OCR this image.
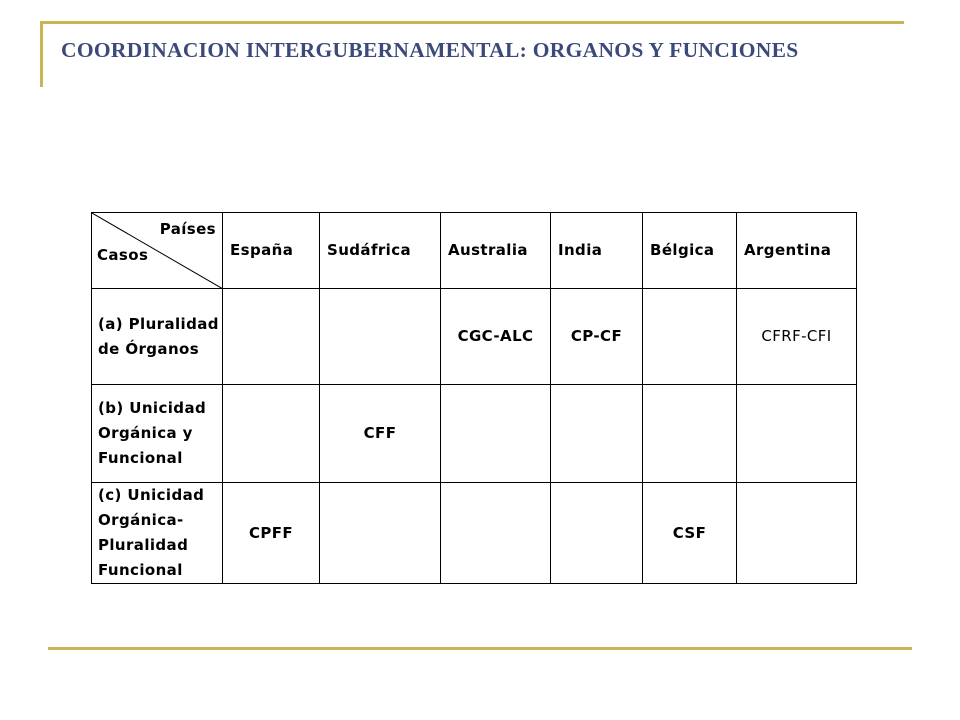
COORDINACION INTERGUBERNAMENTAL: ORGANOS Y FUNCIONES
Países
Casos	España	Sudáfrica	Australia	India	Bélgica	Argentina
(a) Pluralidad
de Órganos			CGC-ALC	CP-CF		CFRF-CFI
(b) Unicidad
Orgánica y
Funcional		CFF				
(c) Unicidad
Orgánica-
Pluralidad
Funcional	CPFF				CSF	
